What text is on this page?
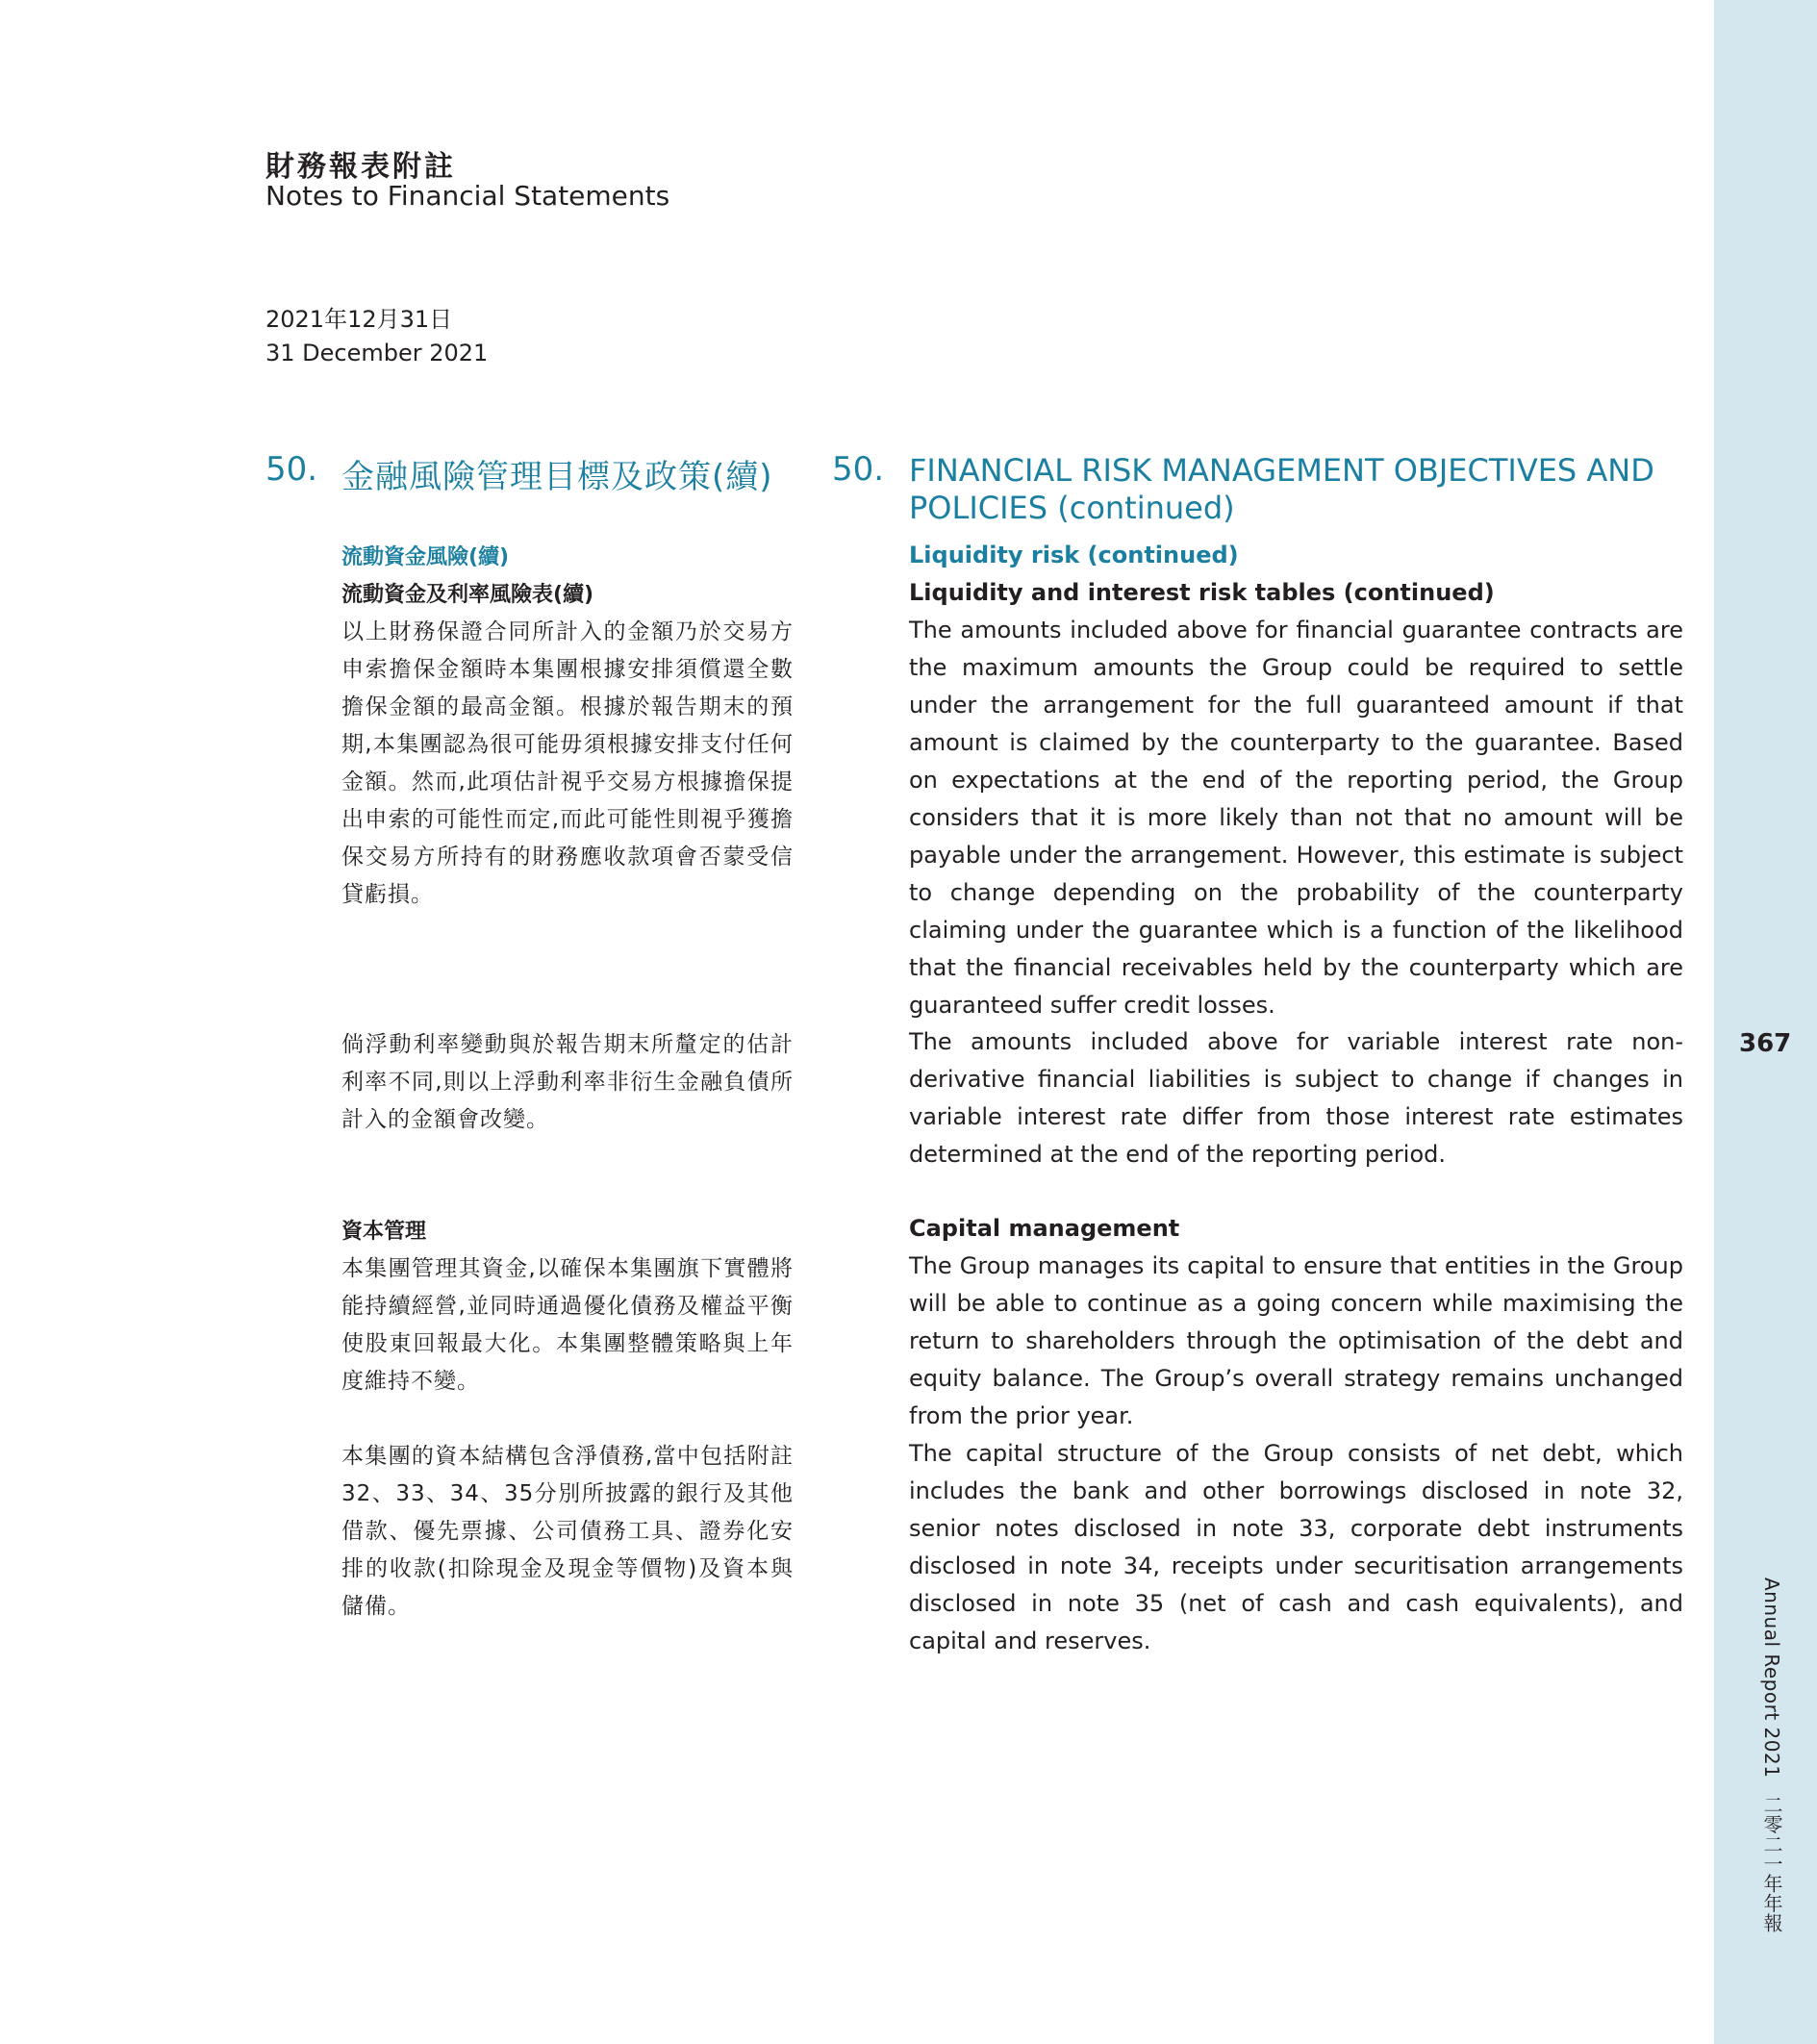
367
Annual Report 2021二零二一年年報
財務報表附註
Notes to Financial Statements
2021年12月31日
31 December 2021
50. 金融風險管理目標及政策(續) 50. FINANCIAL RISK MANAGEMENT OBJECTIVES AND POLICIES (continued)
流動資金風險(續)
流動資金及利率風險表(續)

以上財務保證合同所計入的金額乃於交易方申索擔保金額時本集團根據安排須償還全數擔保金額的最高金額。根據於報告期末的預期,本集團認為很可能毋須根據安排支付任何金額。然而,此項估計視乎交易方根據擔保提出申索的可能性而定,而此可能性則視乎獲擔保交易方所持有的財務應收款項會否蒙受信貸虧損。

倘浮動利率變動與於報告期末所釐定的估計利率不同,則以上浮動利率非衍生金融負債所計入的金額會改變。

資本管理

本集團管理其資金,以確保本集團旗下實體將能持續經營,並同時通過優化債務及權益平衡使股東回報最大化。本集團整體策略與上年度維持不變。

本集團的資本結構包含淨債務,當中包括附註32、33、34、35分別所披露的銀行及其他借款、優先票據、公司債務工具、證券化安排的收款(扣除現金及現金等價物)及資本與儲備。

Liquidity risk (continued)
Liquidity and interest risk tables (continued)

The amounts included above for financial guarantee contracts are the maximum amounts the Group could be required to settle under the arrangement for the full guaranteed amount if that amount is claimed by the counterparty to the guarantee. Based on expectations at the end of the reporting period, the Group considers that it is more likely than not that no amount will be payable under the arrangement. However, this estimate is subject to change depending on the probability of the counterparty claiming under the guarantee which is a function of the likelihood that the financial receivables held by the counterparty which are guaranteed suffer credit losses.

The amounts included above for variable interest rate non-derivative financial liabilities is subject to change if changes in variable interest rate differ from those interest rate estimates determined at the end of the reporting period.

Capital management

The Group manages its capital to ensure that entities in the Group will be able to continue as a going concern while maximising the return to shareholders through the optimisation of the debt and equity balance. The Group’s overall strategy remains unchanged from the prior year.

The capital structure of the Group consists of net debt, which includes the bank and other borrowings disclosed in note 32, senior notes disclosed in note 33, corporate debt instruments disclosed in note 34, receipts under securitisation arrangements disclosed in note 35 (net of cash and cash equivalents), and capital and reserves.
